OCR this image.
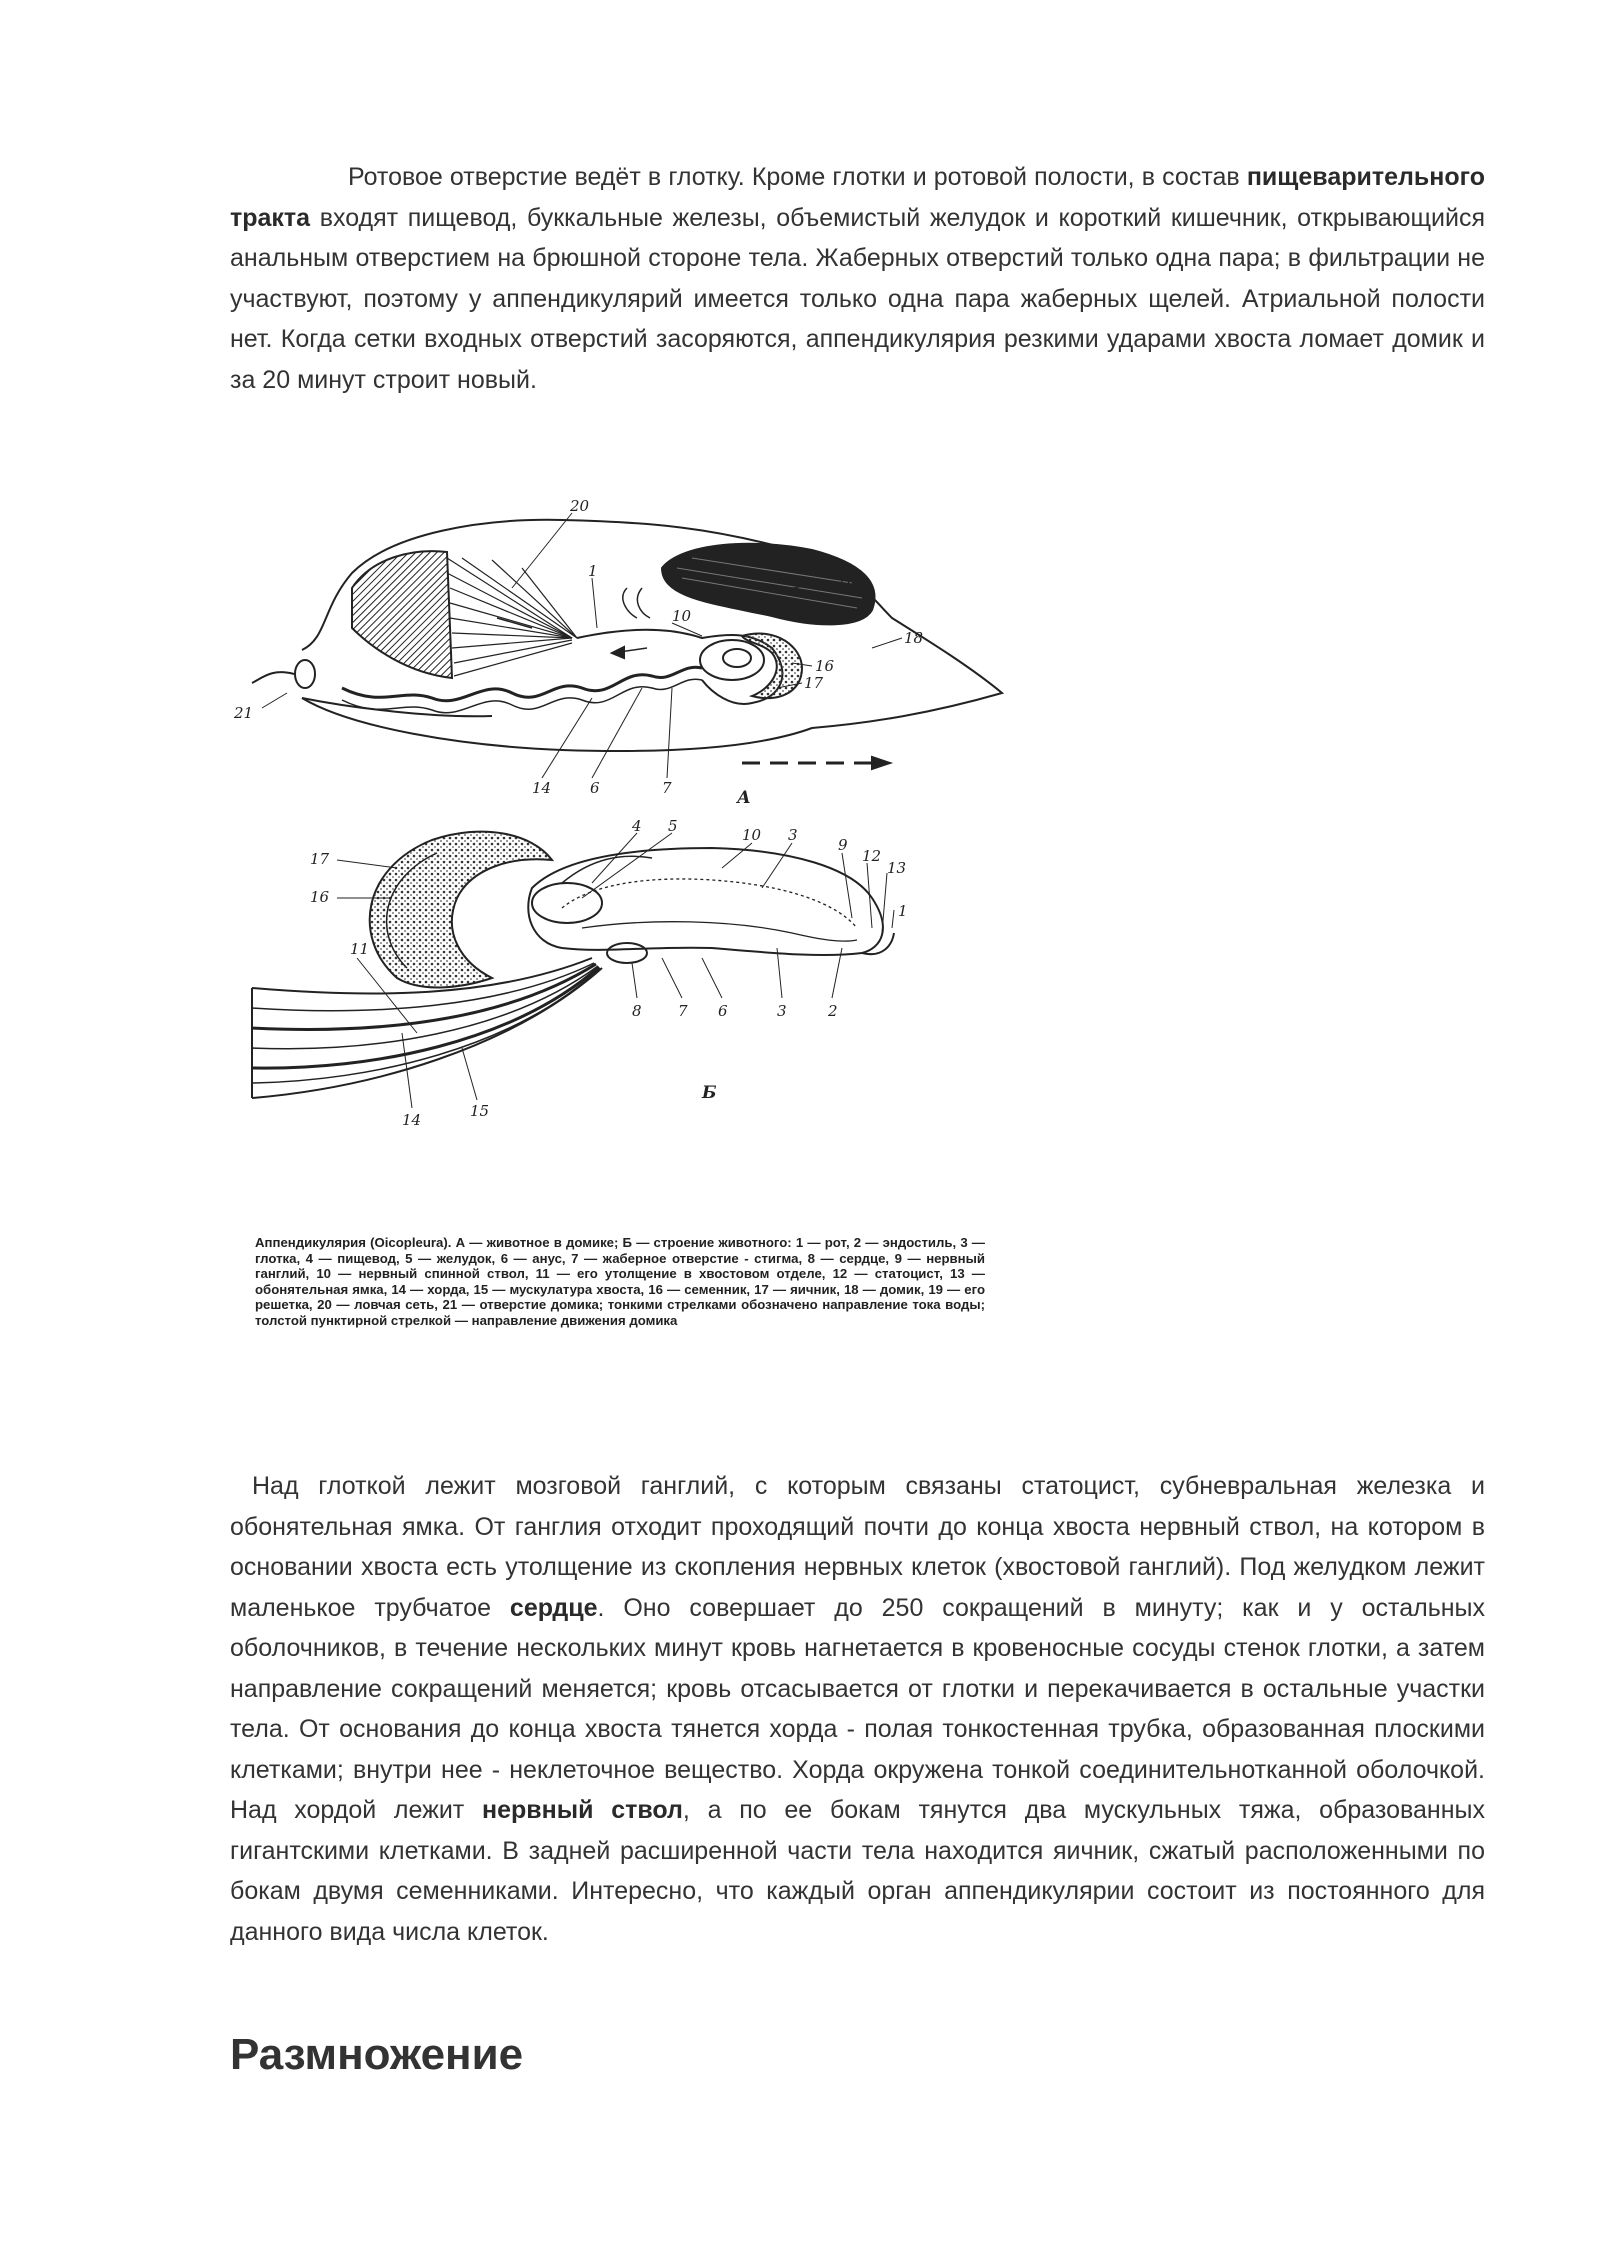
Ротовое отверстие ведёт в глотку. Кроме глотки и ротовой полости, в состав пищеварительного тракта входят пищевод, буккальные железы, объемистый желудок и короткий кишечник, открывающийся анальным отверстием на брюшной стороне тела. Жаберных отверстий только одна пара; в фильтрации не участвуют, поэтому у аппендикулярий имеется только одна пара жаберных щелей. Атриальной полости нет. Когда сетки входных отверстий засоряются, аппендикулярия резкими ударами хвоста ломает домик и за 20 минут строит новый.

20
19
1
10
18
16
17
21
14	6	7	А
4 5	10 3
9
12
13
17
16
1
11
8 7 6	3	2
14	15
Б
Аппендикулярия (Oicopleura). А — животное в домике; Б — строение животного: 1 — рот, 2 — эндостиль, 3 — глотка, 4 — пищевод, 5 — желудок, 6 — анус, 7 — жаберное отверстие - стигма, 8 — сердце, 9 — нервный ганглий, 10 — нервный спинной ствол, 11 — его утолщение в хвостовом отделе, 12 — статоцист, 13 — обонятельная ямка, 14 — хорда, 15 — мускулатура хвоста, 16 — семенник, 17 — яичник, 18 — домик, 19 — его решетка, 20 — ловчая сеть, 21 — отверстие домика; тонкими стрелками обозначено направление тока воды; толстой пунктирной стрелкой — направление движения домика

Над глоткой лежит мозговой ганглий, с которым связаны статоцист, субневральная железка и обонятельная ямка. От ганглия отходит проходящий почти до конца хвоста нервный ствол, на котором в основании хвоста есть утолщение из скопления нервных клеток (хвостовой ганглий). Под желудком лежит маленькое трубчатое сердце. Оно совершает до 250 сокращений в минуту; как и у остальных оболочников, в течение нескольких минут кровь нагнетается в кровеносные сосуды стенок глотки, а затем направление сокращений меняется; кровь отсасывается от глотки и перекачивается в остальные участки тела. От основания до конца хвоста тянется хорда - полая тонкостенная трубка, образованная плоскими клетками; внутри нее - неклеточное вещество. Хорда окружена тонкой соединительнотканной оболочкой. Над хордой лежит нервный ствол, а по ее бокам тянутся два мускульных тяжа, образованных гигантскими клетками. В задней расширенной части тела находится яичник, сжатый расположенными по бокам двумя семенниками. Интересно, что каждый орган аппендикулярии состоит из постоянного для данного вида числа клеток.

Размножение
